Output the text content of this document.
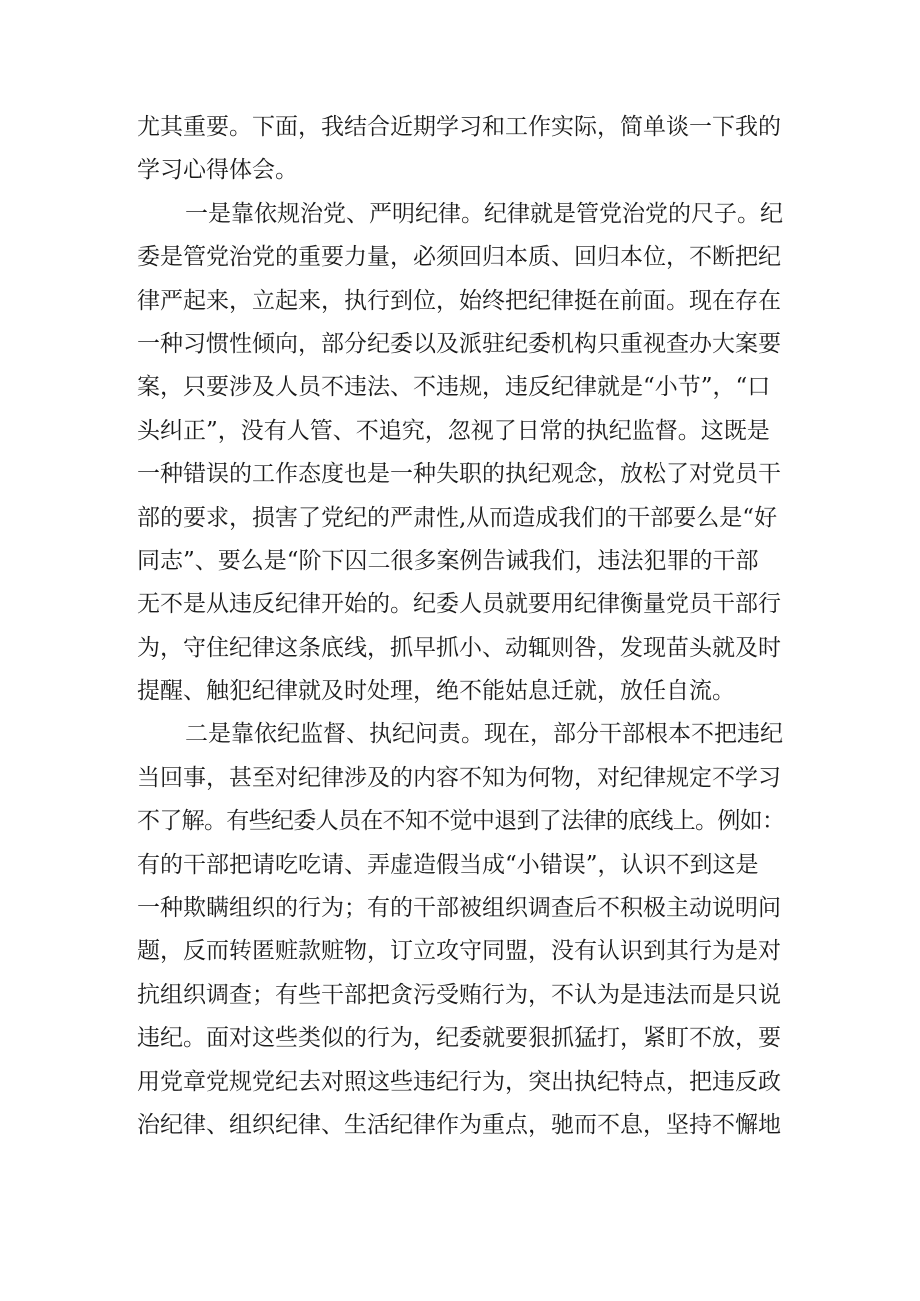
尤其重要。下面，我结合近期学习和工作实际，简单谈一下我的
学习心得体会。
一是靠依规治党、严明纪律。纪律就是管党治党的尺子。纪
委是管党治党的重要力量，必须回归本质、回归本位，不断把纪
律严起来，立起来，执行到位，始终把纪律挺在前面。现在存在
一种习惯性倾向，部分纪委以及派驻纪委机构只重视查办大案要
案，只要涉及人员不违法、不违规，违反纪律就是“小节”，“口
头纠正”，没有人管、不追究，忽视了日常的执纪监督。这既是
一种错误的工作态度也是一种失职的执纪观念，放松了对党员干
部的要求，损害了党纪的严肃性,从而造成我们的干部要么是“好
同志”、要么是“阶下囚二很多案例告诫我们，违法犯罪的干部
无不是从违反纪律开始的。纪委人员就要用纪律衡量党员干部行
为，守住纪律这条底线，抓早抓小、动辄则咎，发现苗头就及时
提醒、触犯纪律就及时处理，绝不能姑息迁就，放任自流。
二是靠依纪监督、执纪问责。现在，部分干部根本不把违纪
当回事，甚至对纪律涉及的内容不知为何物，对纪律规定不学习
不了解。有些纪委人员在不知不觉中退到了法律的底线上。例如：
有的干部把请吃吃请、弄虚造假当成“小错误”，认识不到这是
一种欺瞒组织的行为；有的干部被组织调查后不积极主动说明问
题，反而转匿赃款赃物，订立攻守同盟，没有认识到其行为是对
抗组织调查；有些干部把贪污受贿行为，不认为是违法而是只说
违纪。面对这些类似的行为，纪委就要狠抓猛打，紧盯不放，要
用党章党规党纪去对照这些违纪行为，突出执纪特点，把违反政
治纪律、组织纪律、生活纪律作为重点，驰而不息，坚持不懈地
